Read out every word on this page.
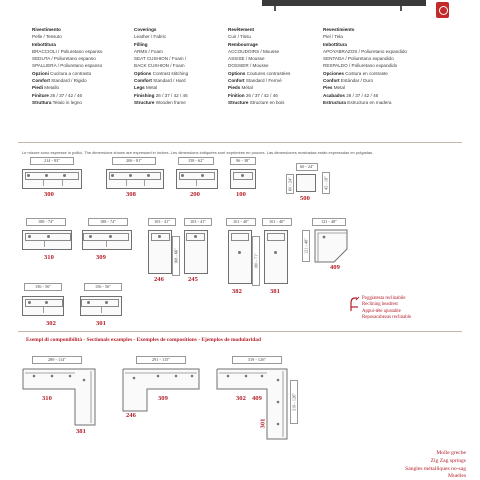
Rivestimento
Pelle / Tessuto
Imbottitura
BRACCIOLI / Poliuretano espanso
SEDUTA / Poliuretano espanso
SPALLIERA / Poliuretano espanso
Opzioni Cucitura a contrasto
Comfort Standard / Rigido
Piedi Metallo
Finiture 26 / 37 / 42 / 46
Struttura Telaio in legno
Coverings
Leather / Fabric
Filling
ARMS / Foam
SEAT CUSHION / Foam /
BACK CUSHION / Foam
Options Contrast stitching
Comfort Standard / Hard
Legs Metal
Finishing 26 / 37 / 42 / 46
Structure Wooden frame
Revêtement
Cuir / Tissu
Rembourrage
ACCOUDOIRS / Mousse
ASSISE / Mousse
DOSSIER / Mousse
Options Coutures contrastées
Confort Standard / Fermé
Pieds Métal
Finition 26 / 37 / 42 / 46
Structure Structure en bois
Revestimiento
Piel / Tela
Imbottitura
APOYABRAZOS / Poliuretano expandido
SENTADA / Poliuretano expandido
RESPALDO / Poliuretano expandido
Opciones Costura en contraste
Confort Estándar / Duro
Pies Metal
Acabados 26 / 37 / 42 / 46
Estructura Estructura en madera
Le misure sono espresse in pollici. The dimensions shown are expressed in inches. Les dimensions indiquées sont exprimées en pouces. Las dimensiones mostradas están expresadas en pulgadas.
214 - 83"
300
206 - 81"
308
158 - 62"
200
96 - 38"
100
60 - 24"
60 - 24"	45 - 18"
500
188 - 74"
310
188 - 74"
309
103 - 41"
168 - 66"
246
103 - 41"
245
101 - 40"
180 - 71"
382
101 - 40"
381
121 - 48"
121 - 48"
409
156 - 56"
302
156 - 56"
301
Poggiatesta reclinabile
Reclining headrest
Appui-tête ajustable
Reposacabezas reclinable
Esempi di componibilità - Sectionals examples - Exemples de compositions - Ejemplos de modularidad
289 - 114"
310
381
291 - 115"
246
309
319 - 126"
319 - 126"
302 409
301
Molle greche
Zig Zag springs
Sangles métalliques no-sag
Muelles
